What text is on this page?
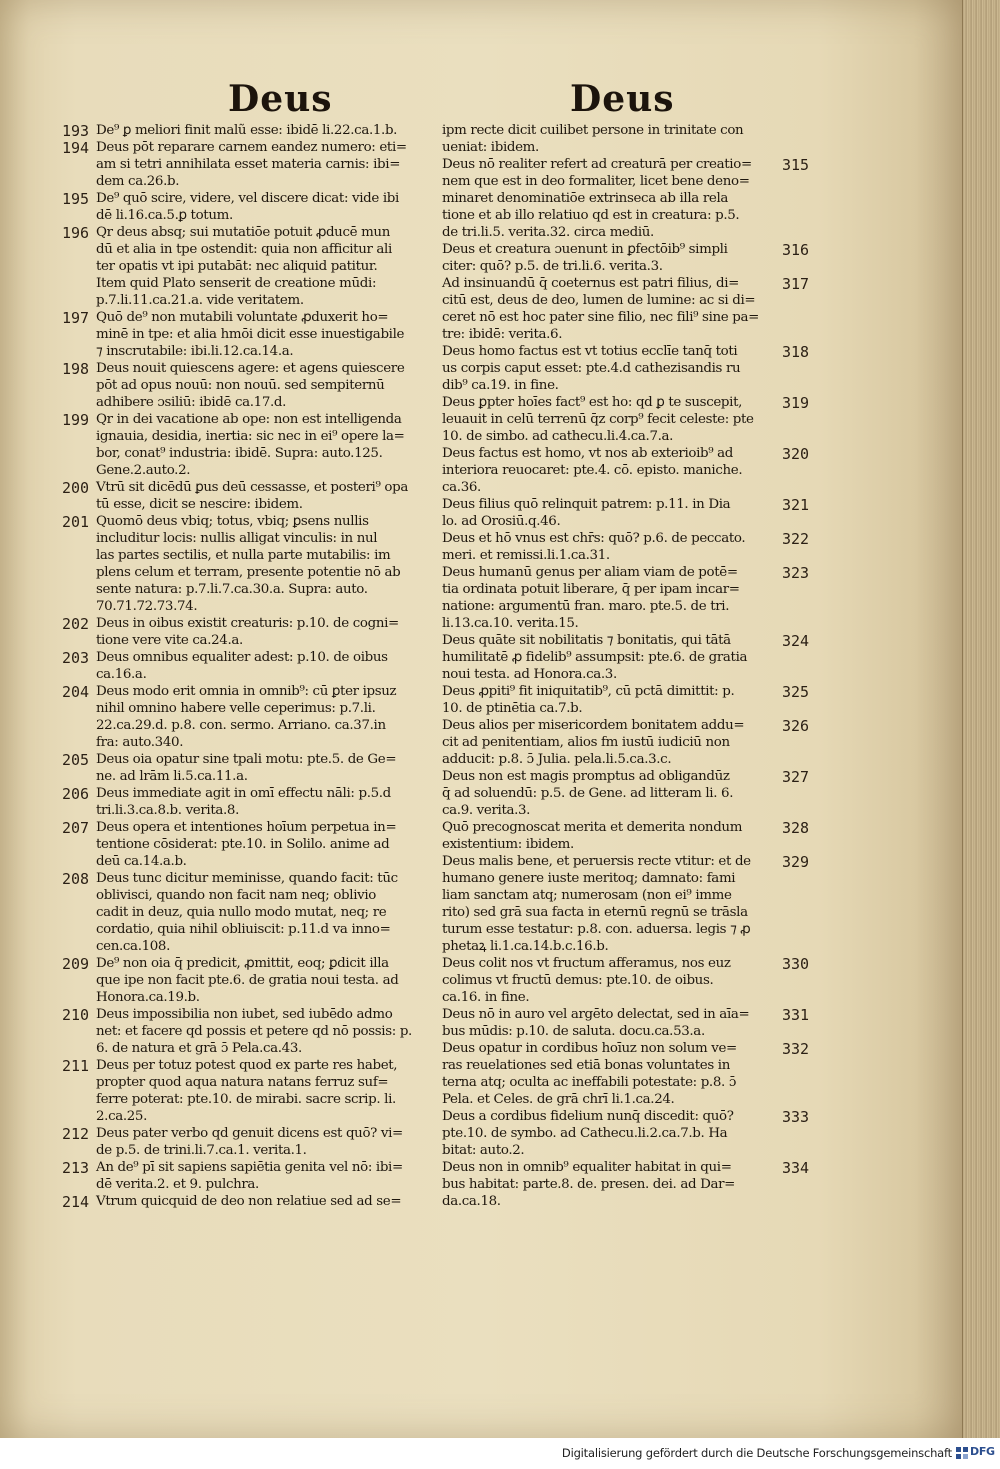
Deus	Deus
193 De⁹ ꝑ meliori finit malũ esse: ibidē li.22.ca.1.b.
194 Deus pōt reparare carnem eandez numero: eti=
am si tetri annihilata esset materia carnis: ibi=
dem ca.26.b.
195 De⁹ quō scire, videre, vel discere dicat: vide ibi
dē li.16.ca.5.ꝑ totum.
196 Qr deus absq; sui mutatiōe potuit ꝓducē mun
dū et alia in tpe ostendit: quia non afficitur ali
ter opatis vt ipi putabāt: nec aliquid patitur.
Item quid Plato senserit de creatione mūdi:
p.7.li.11.ca.21.a. vide veritatem.
197 Quō de⁹ non mutabili voluntate ꝓduxerit ho=
minē in tpe: et alia hmōi dicit esse inuestigabile
⁊ inscrutabile: ibi.li.12.ca.14.a.
198 Deus nouit quiescens agere: et agens quiescere
pōt ad opus nouū: non nouū. sed sempiternū
adhibere ɔsiliū: ibidē ca.17.d.
199 Qr in dei vacatione ab ope: non est intelligenda
ignauia, desidia, inertia: sic nec in ei⁹ opere la=
bor, conat⁹ industria: ibidē. Supra: auto.125.
Gene.2.auto.2.
200 Vtrū sit dicēdū ꝑus deū cessasse, et posteri⁹ opa
tū esse, dicit se nescire: ibidem.
201 Quomō deus vbiq; totus, vbiq; ꝑsens nullis
includitur locis: nullis alligat vinculis: in nul
las partes sectilis, et nulla parte mutabilis: im
plens celum et terram, presente potentie nō ab
sente natura: p.7.li.7.ca.30.a. Supra: auto.
70.71.72.73.74.
202 Deus in oibus existit creaturis: p.10. de cogni=
tione vere vite ca.24.a.
203 Deus omnibus equaliter adest: p.10. de oibus
ca.16.a.
204 Deus modo erit omnia in omnib⁹: cū ꝑter ipsuz
nihil omnino habere velle ceperimus: p.7.li.
22.ca.29.d. p.8. con. sermo. Arriano. ca.37.in
fra: auto.340.
205 Deus oia opatur sine tpali motu: pte.5. de Ge=
ne. ad lrām li.5.ca.11.a.
206 Deus immediate agit in omī effectu nāli: p.5.d
tri.li.3.ca.8.b. verita.8.
207 Deus opera et intentiones hoīum perpetua in=
tentione cōsiderat: pte.10. in Solilo. anime ad
deū ca.14.a.b.
208 Deus tunc dicitur meminisse, quando facit: tūc
oblivisci, quando non facit nam neq; oblivio
cadit in deuz, quia nullo modo mutat, neq; re
cordatio, quia nihil obliuiscit: p.11.d va inno=
cen.ca.108.
209 De⁹ non oia q̄ predicit, ꝓmittit, eoq; ꝑdicit illa
que ipe non facit pte.6. de gratia noui testa. ad
Honora.ca.19.b.
210 Deus impossibilia non iubet, sed iubēdo admo
net: et facere qd possis et petere qd nō possis: p.
6. de natura et grā ɔ̄ Pela.ca.43.
211 Deus per totuz potest quod ex parte res habet,
propter quod aqua natura natans ferruz suf=
ferre poterat: pte.10. de mirabi. sacre scrip. li.
2.ca.25.
212 Deus pater verbo qd genuit dicens est quō? vi=
de p.5. de trini.li.7.ca.1. verita.1.
213 An de⁹ pī sit sapiens sapiētia genita vel nō: ibi=
dē verita.2. et 9. pulchra.
214 Vtrum quicquid de deo non relatiue sed ad se=
ipm recte dicit cuilibet persone in trinitate con
ueniat: ibidem.
315
Deus nō realiter refert ad creaturā per creatio=
nem que est in deo formaliter, licet bene deno=
minaret denominatiōe extrinseca ab illa rela
tione et ab illo relatiuo qd est in creatura: p.5.
de tri.li.5. verita.32. circa mediū.
316
Deus et creatura ɔuenunt in ꝑfectōib⁹ simpli
citer: quō? p.5. de tri.li.6. verita.3.
317
Ad insinuandū q̄ coeternus est patri filius, di=
citū est, deus de deo, lumen de lumine: ac si di=
ceret nō est hoc pater sine filio, nec fili⁹ sine pa=
tre: ibidē: verita.6.
318
Deus homo factus est vt totius ecclīe tanq̄ toti
us corpis caput esset: pte.4.d cathezisandis ru
dib⁹ ca.19. in fine.
319
Deus ꝑpter hoīes fact⁹ est ho: qd ꝑ te suscepit,
leuauit in celū terrenū q̄z corp⁹ fecit celeste: pte
10. de simbo. ad cathecu.li.4.ca.7.a.
320
Deus factus est homo, vt nos ab exterioib⁹ ad
interiora reuocaret: pte.4. cō. episto. maniche.
ca.36.
321
Deus filius quō relinquit patrem: p.11. in Dia
lo. ad Orosiū.q.46.
322
Deus et hō vnus est chr̄s: quō? p.6. de peccato.
meri. et remissi.li.1.ca.31.
323
Deus humanū genus per aliam viam de potē=
tia ordinata potuit liberare, q̄ per ipam incar=
natione: argumentū fran. maro. pte.5. de tri.
li.13.ca.10. verita.15.
324
Deus quāte sit nobilitatis ⁊ bonitatis, qui tātā
humilitatē ꝓ fidelib⁹ assumpsit: pte.6. de gratia
noui testa. ad Honora.ca.3.
325
Deus ꝓpiti⁹ fit iniquitatib⁹, cū pctā dimittit: p.
10. de ptinētia ca.7.b.
326
Deus alios per misericordem bonitatem addu=
cit ad penitentiam, alios fm iustū iudiciū non
adducit: p.8. ɔ̄ Julia. pela.li.5.ca.3.c.
327
Deus non est magis promptus ad obligandūz
q̄ ad soluendū: p.5. de Gene. ad litteram li. 6.
ca.9. verita.3.
328
Quō precognoscat merita et demerita nondum
existentium: ibidem.
329
Deus malis bene, et peruersis recte vtitur: et de
humano genere iuste meritoq; damnato: fami
liam sanctam atq; numerosam (non ei⁹ imme
rito) sed grā sua facta in eternū regnū se trāsla
turum esse testatur: p.8. con. aduersa. legis ⁊ ꝓ
phetaꝝ li.1.ca.14.b.c.16.b.
330
Deus colit nos vt fructum afferamus, nos euz
colimus vt fructū demus: pte.10. de oibus.
ca.16. in fine.
331
Deus nō in auro vel argēto delectat, sed in aīa=
bus mūdis: p.10. de saluta. docu.ca.53.a.
332
Deus opatur in cordibus hoīuz non solum ve=
ras reuelationes sed etiā bonas voluntates in
terna atq; oculta ac ineffabili potestate: p.8. ɔ̄
Pela. et Celes. de grā chrī li.1.ca.24.
333
Deus a cordibus fidelium nunq̄ discedit: quō?
pte.10. de symbo. ad Cathecu.li.2.ca.7.b. Ha
bitat: auto.2.
334
Deus non in omnib⁹ equaliter habitat in qui=
bus habitat: parte.8. de. presen. dei. ad Dar=
da.ca.18.

Digitalisierung gefördert durch die Deutsche Forschungsgemeinschaft DFG
